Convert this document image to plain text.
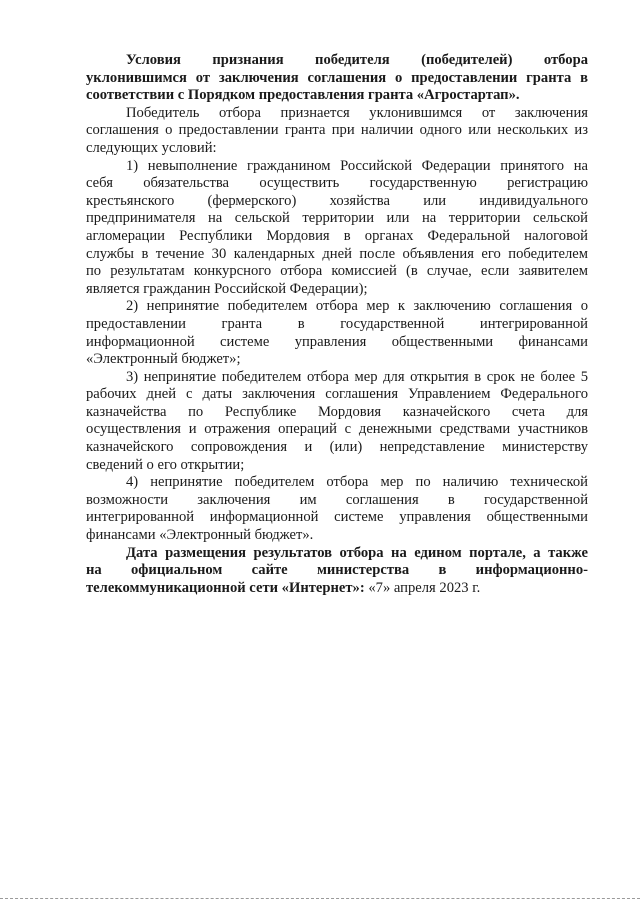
Условия признания победителя (победителей) отбора
уклонившимся от заключения соглашения о предоставлении гранта в
соответствии с Порядком предоставления гранта «Агростартап».
Победитель отбора признается уклонившимся от заключения
соглашения о предоставлении гранта при наличии одного или нескольких из
следующих условий:
1) невыполнение гражданином Российской Федерации принятого на
себя обязательства осуществить государственную регистрацию
крестьянского (фермерского) хозяйства или индивидуального
предпринимателя на сельской территории или на территории сельской
агломерации Республики Мордовия в органах Федеральной налоговой
службы в течение 30 календарных дней после объявления его победителем
по результатам конкурсного отбора комиссией (в случае, если заявителем
является гражданин Российской Федерации);
2) непринятие победителем отбора мер к заключению соглашения о
предоставлении гранта в государственной интегрированной
информационной системе управления общественными финансами
«Электронный бюджет»;
3) непринятие победителем отбора мер для открытия в срок не более 5
рабочих дней с даты заключения соглашения Управлением Федерального
казначейства по Республике Мордовия казначейского счета для
осуществления и отражения операций с денежными средствами участников
казначейского сопровождения и (или) непредставление министерству
сведений о его открытии;
4) непринятие победителем отбора мер по наличию технической
возможности заключения им соглашения в государственной
интегрированной информационной системе управления общественными
финансами «Электронный бюджет».
Дата размещения результатов отбора на едином портале, а также
на официальном сайте министерства в информационно-
телекоммуникационной сети «Интернет»: «7» апреля 2023 г.
